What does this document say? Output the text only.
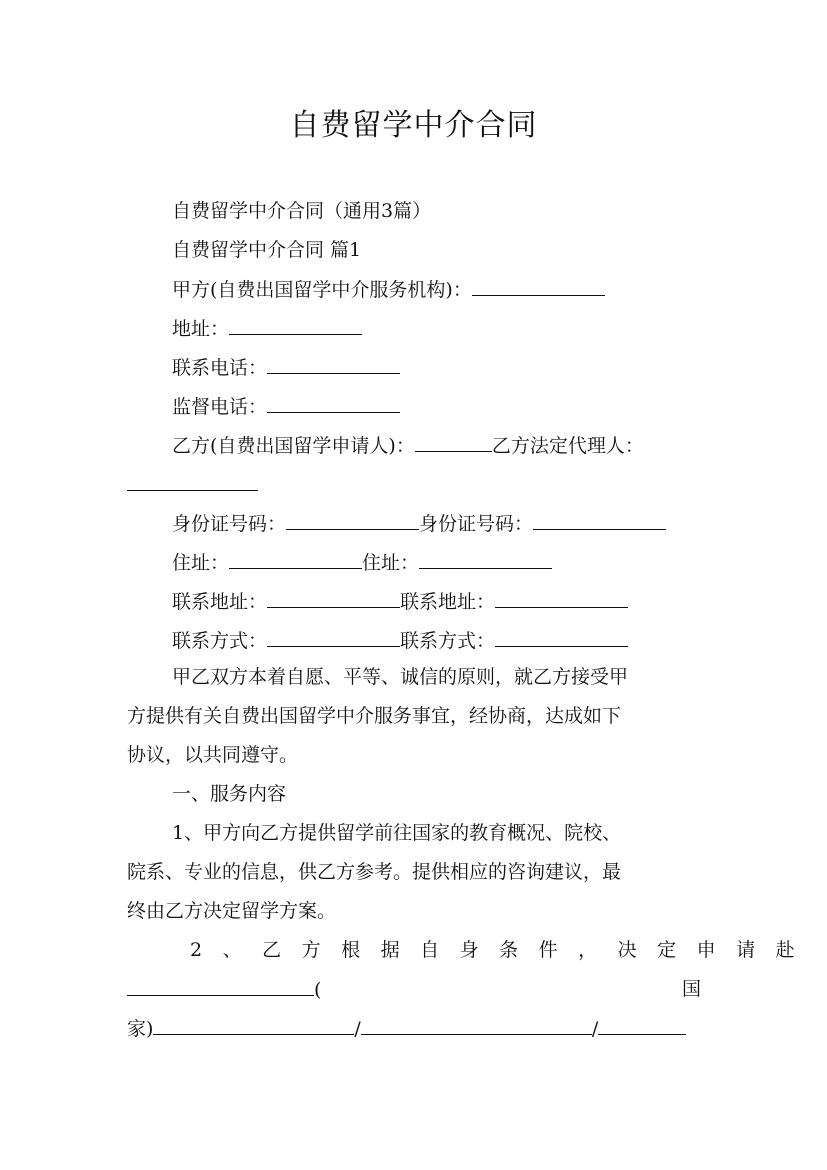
自费留学中介合同
自费留学中介合同（通用3篇）
自费留学中介合同 篇1
甲方(自费出国留学中介服务机构)：
地址：
联系电话：
监督电话：
乙方(自费出国留学申请人)：	乙方法定代理人：
身份证号码：	身份证号码：
住址：	住址：
联系地址：	联系地址：
联系方式：	联系方式：
甲乙双方本着自愿、平等、诚信的原则，就乙方接受甲
方提供有关自费出国留学中介服务事宜，经协商，达成如下
协议，以共同遵守。
一、服务内容
1、甲方向乙方提供留学前往国家的教育概况、院校、
院系、专业的信息，供乙方参考。提供相应的咨询建议，最
终由乙方决定留学方案。
2、乙方根据自身条件，决定申请赴
(	国
家)	/	/
